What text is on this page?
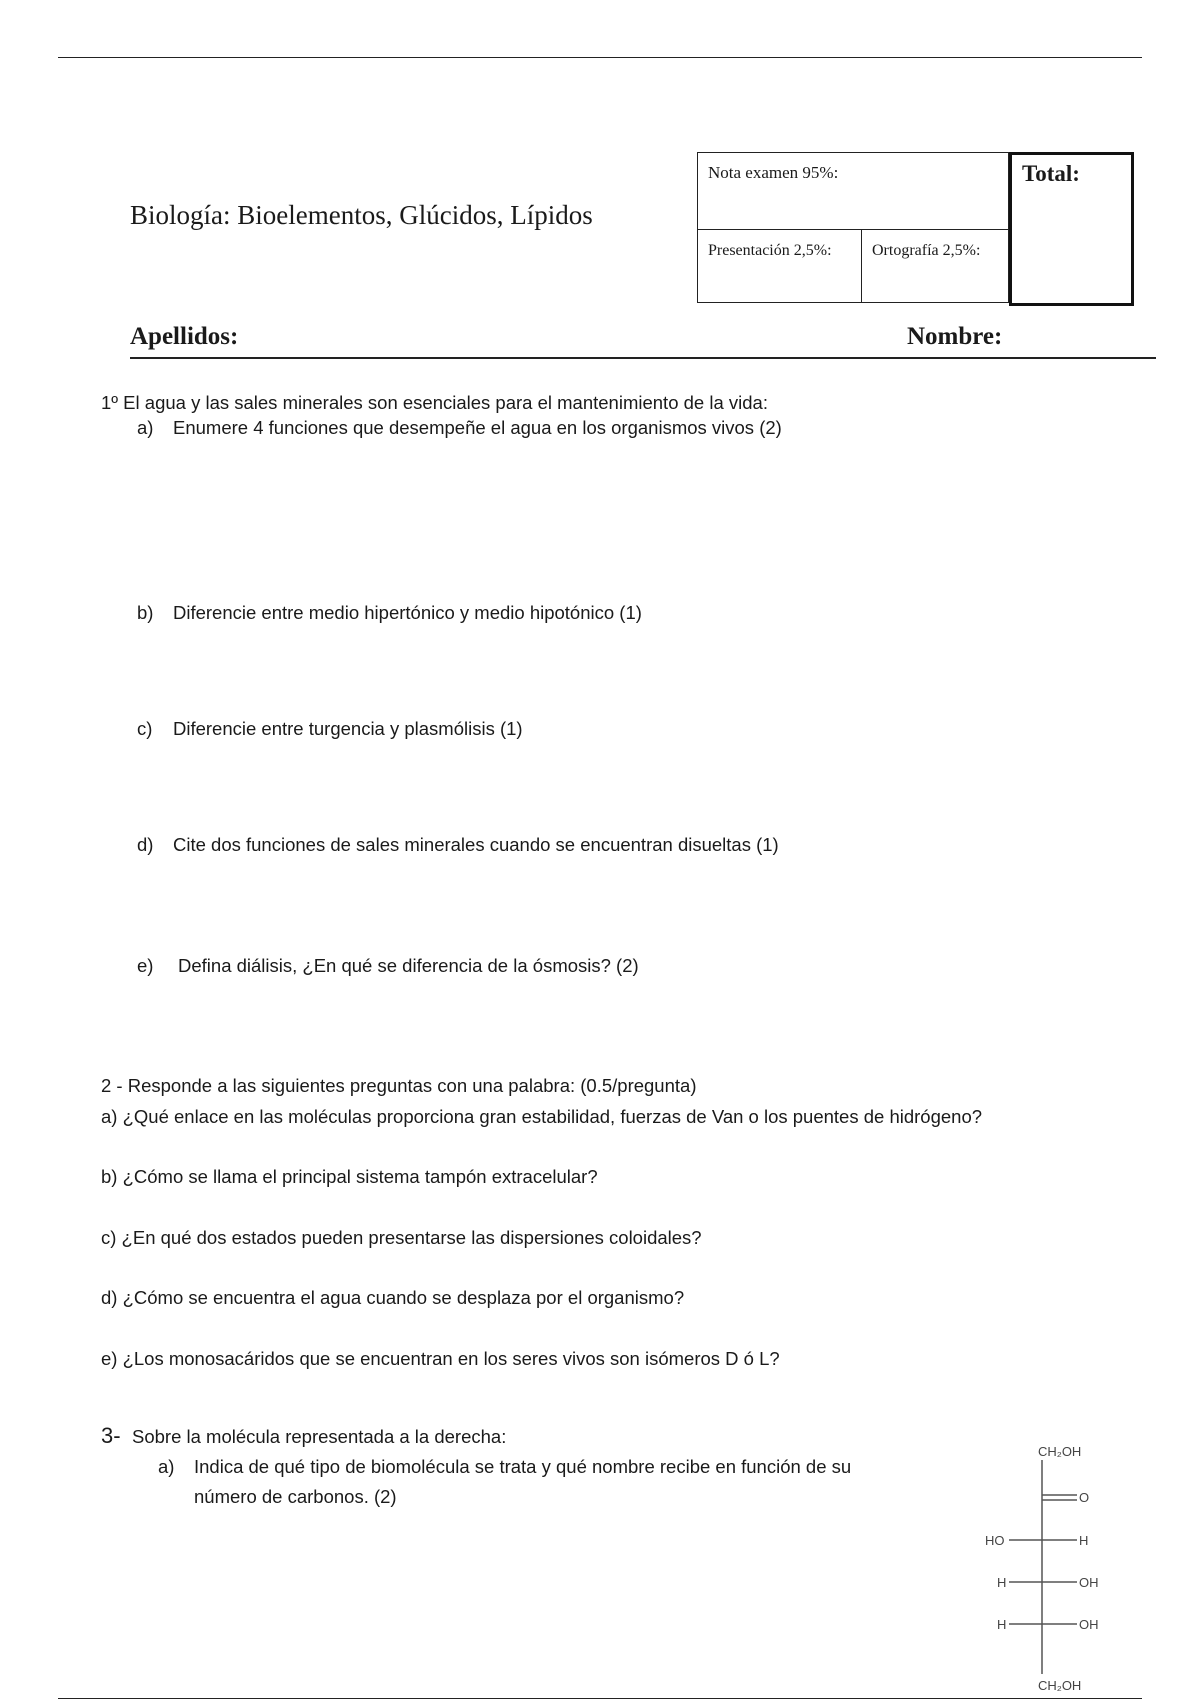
Biología: Bioelementos, Glúcidos, Lípidos
Nota examen 95%:
Presentación 2,5%:	Ortografía 2,5%:
Total:
Apellidos:	Nombre:
1º El agua y las sales minerales son esenciales para el mantenimiento de la vida:
a) Enumere 4 funciones que desempeñe el agua en los organismos vivos (2)
b) Diferencie entre medio hipertónico y medio hipotónico (1)
c) Diferencie entre turgencia y plasmólisis (1)
d) Cite dos funciones de sales minerales cuando se encuentran disueltas (1)
e) Defina diálisis, ¿En qué se diferencia de la ósmosis? (2)
2 - Responde a las siguientes preguntas con una palabra: (0.5/pregunta)
a) ¿Qué enlace en las moléculas proporciona gran estabilidad, fuerzas de Van o los puentes de hidrógeno?
b) ¿Cómo se llama el principal sistema tampón extracelular?
c) ¿En qué dos estados pueden presentarse las dispersiones coloidales?
d) ¿Cómo se encuentra el agua cuando se desplaza por el organismo?
e) ¿Los monosacáridos que se encuentran en los seres vivos son isómeros D ó L?
3- Sobre la molécula representada a la derecha:
a) Indica de qué tipo de biomolécula se trata y qué nombre recibe en función de su
número de carbonos. (2)
CH₂OH
O
HO	H
H	OH
H	OH
CH₂OH
